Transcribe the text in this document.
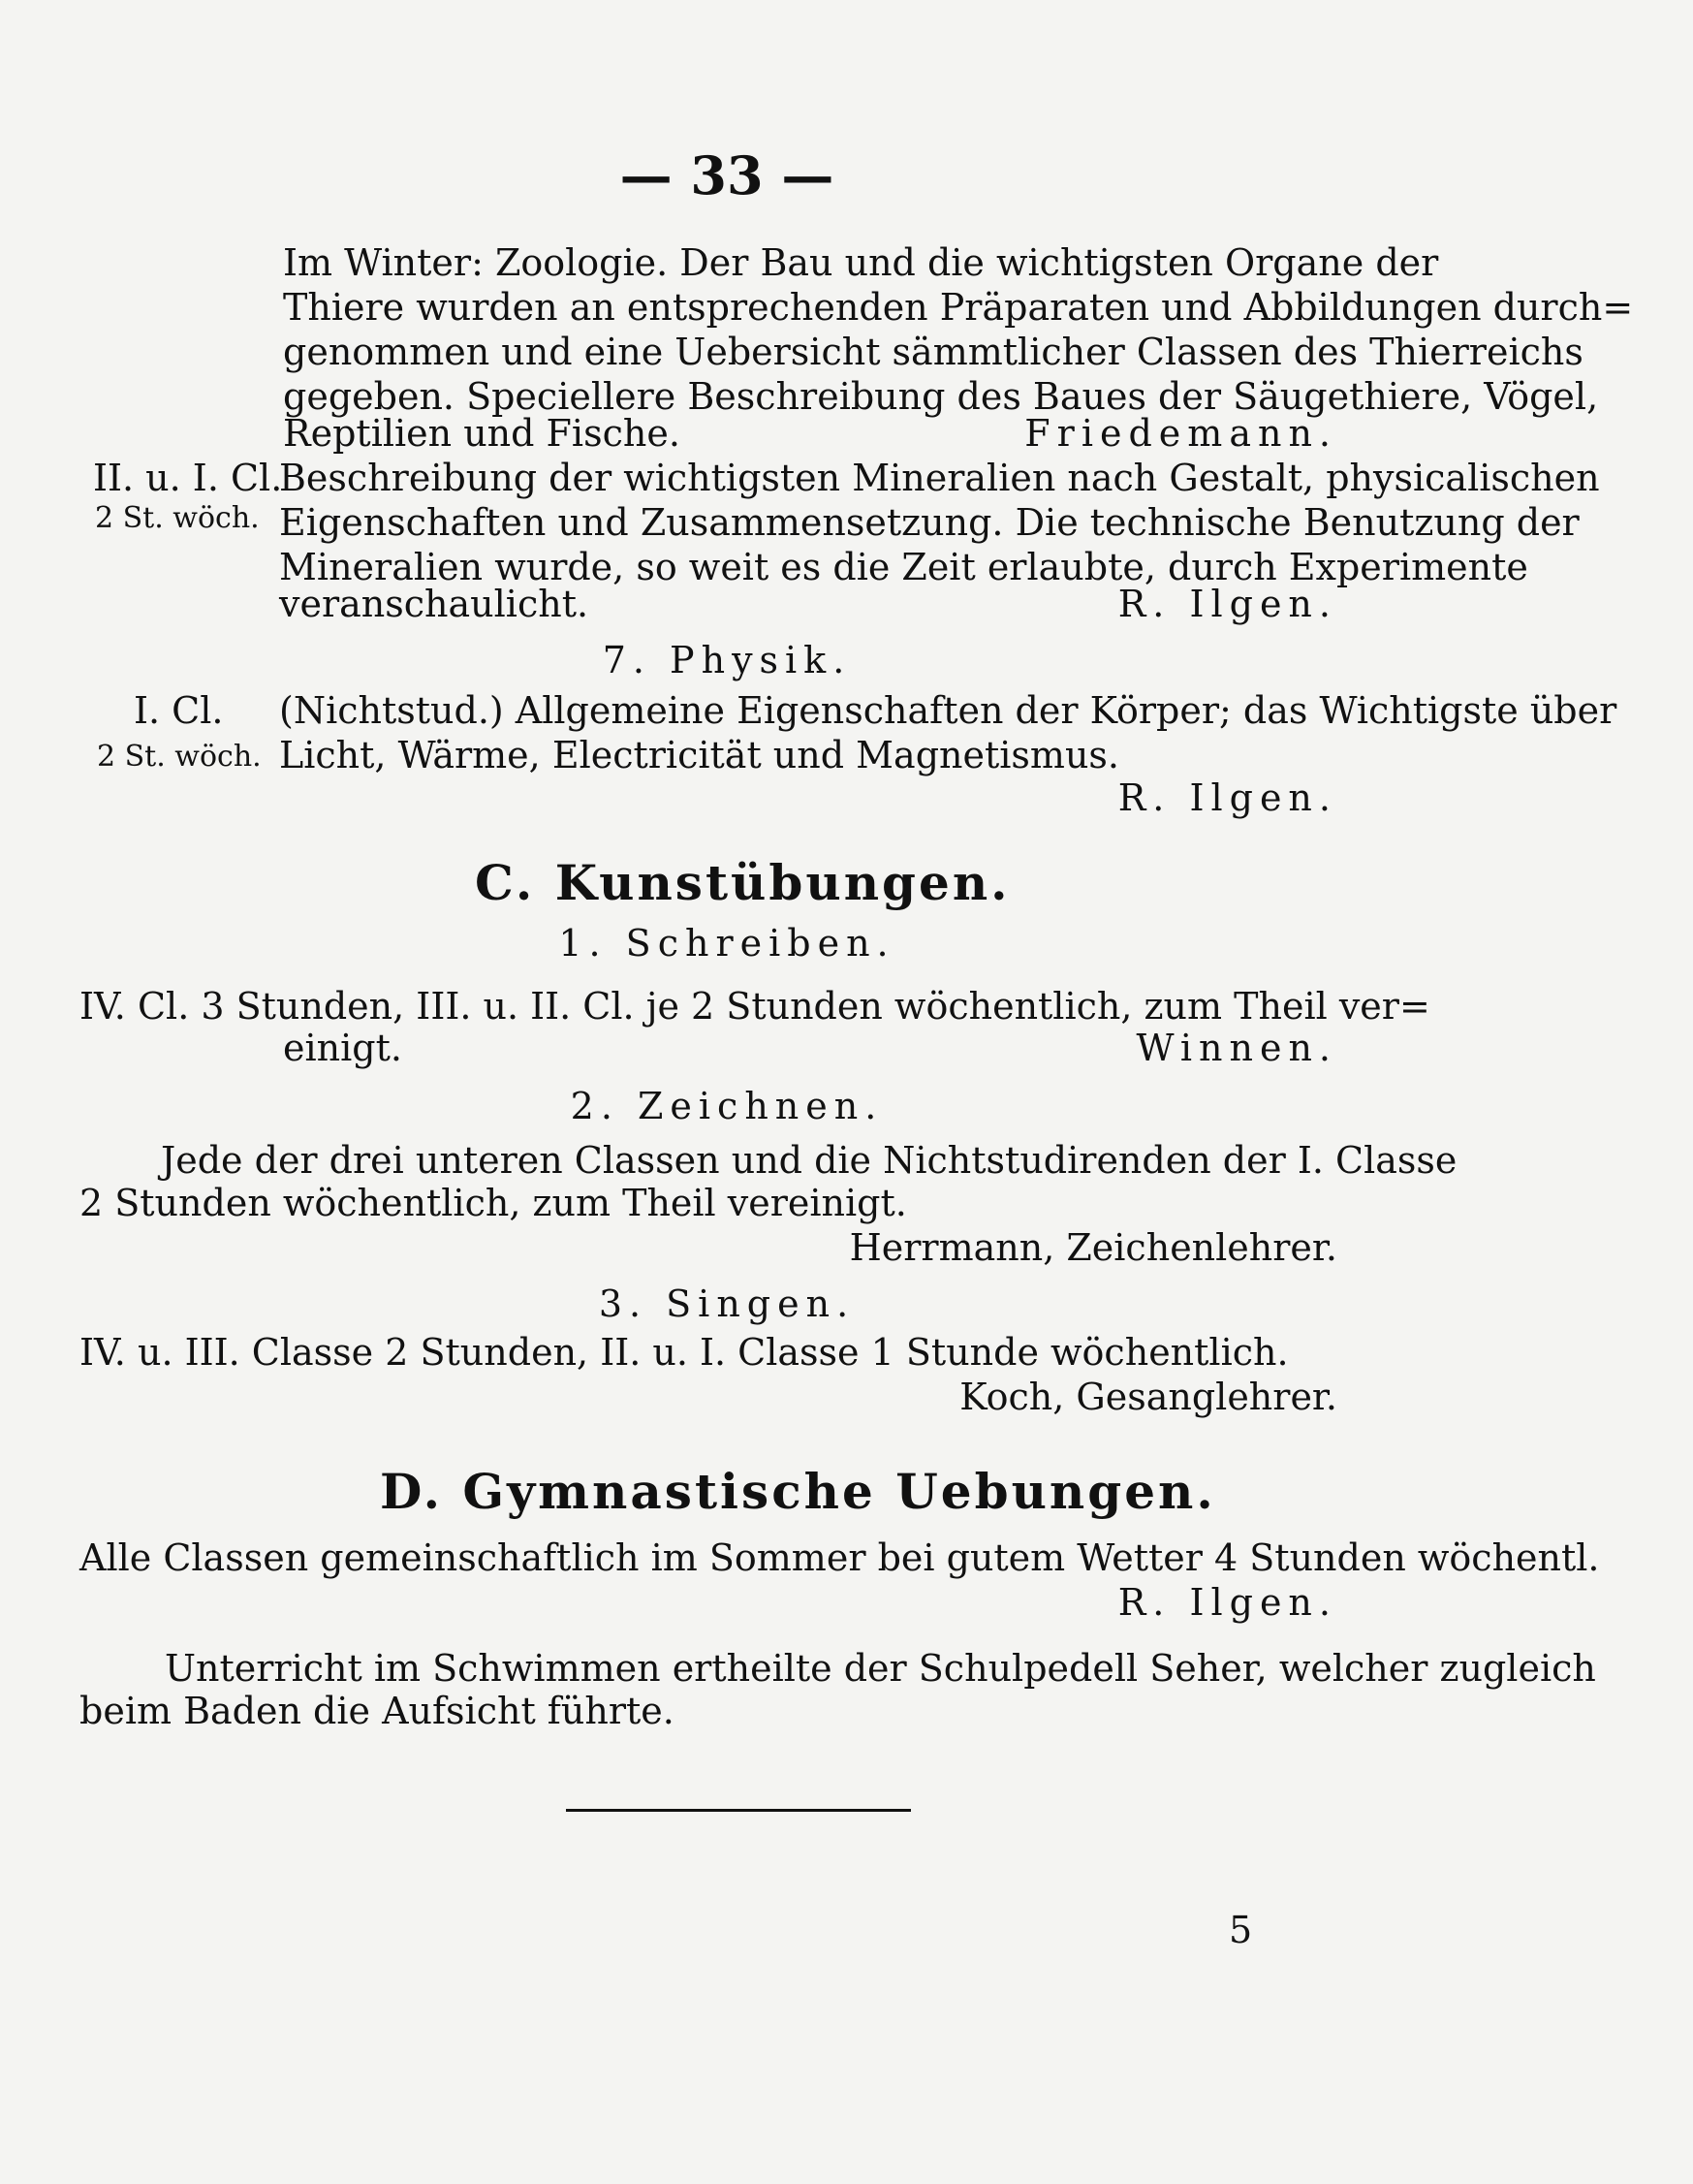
— 33 —
Im Winter: Zoologie. Der Bau und die wichtigsten Organe der
Thiere wurden an entsprechenden Präparaten und Abbildungen durch=
genommen und eine Uebersicht sämmtlicher Classen des Thierreichs
gegeben. Speciellere Beschreibung des Baues der Säugethiere, Vögel,
Reptilien und Fische.	Friedemann.
II. u. I. Cl.
2 St. wöch.
Beschreibung der wichtigsten Mineralien nach Gestalt, physicalischen
Eigenschaften und Zusammensetzung. Die technische Benutzung der
Mineralien wurde, so weit es die Zeit erlaubte, durch Experimente
veranschaulicht.	R. Ilgen.
7. Physik.
I. Cl.
2 St. wöch.
(Nichtstud.) Allgemeine Eigenschaften der Körper; das Wichtigste über
Licht, Wärme, Electricität und Magnetismus.
R. Ilgen.
C. Kunstübungen.
1. Schreiben.
IV. Cl. 3 Stunden, III. u. II. Cl. je 2 Stunden wöchentlich, zum Theil ver=
einigt.	Winnen.
2. Zeichnen.
Jede der drei unteren Classen und die Nichtstudirenden der I. Classe
2 Stunden wöchentlich, zum Theil vereinigt.
Herrmann, Zeichenlehrer.
3. Singen.
IV. u. III. Classe 2 Stunden, II. u. I. Classe 1 Stunde wöchentlich.
Koch, Gesanglehrer.
D. Gymnastische Uebungen.
Alle Classen gemeinschaftlich im Sommer bei gutem Wetter 4 Stunden wöchentl.
R. Ilgen.
Unterricht im Schwimmen ertheilte der Schulpedell Seher, welcher zugleich
beim Baden die Aufsicht führte.
5
